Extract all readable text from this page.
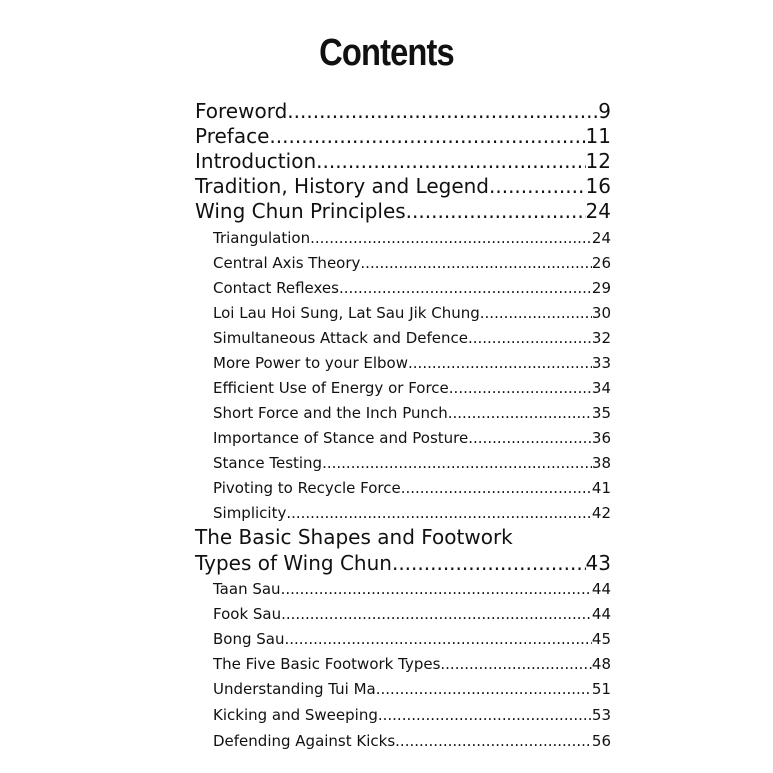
Contents
Foreword .....	9
Preface .....	11
Introduction .....	12
Tradition, History and Legend .....	16
Wing Chun Principles .....	24
Triangulation .....	24
Central Axis Theory .....	26
Contact Reflexes .....	29
Loi Lau Hoi Sung, Lat Sau Jik Chung .....	30
Simultaneous Attack and Defence .....	32
More Power to your Elbow .....	33
Efficient Use of Energy or Force .....	34
Short Force and the Inch Punch .....	35
Importance of Stance and Posture .....	36
Stance Testing .....	38
Pivoting to Recycle Force .....	41
Simplicity .....	42
The Basic Shapes and Footwork
Types of Wing Chun .....	43
Taan Sau .....	44
Fook Sau .....	44
Bong Sau .....	45
The Five Basic Footwork Types .....	48
Understanding Tui Ma .....	51
Kicking and Sweeping .....	53
Defending Against Kicks .....	56
